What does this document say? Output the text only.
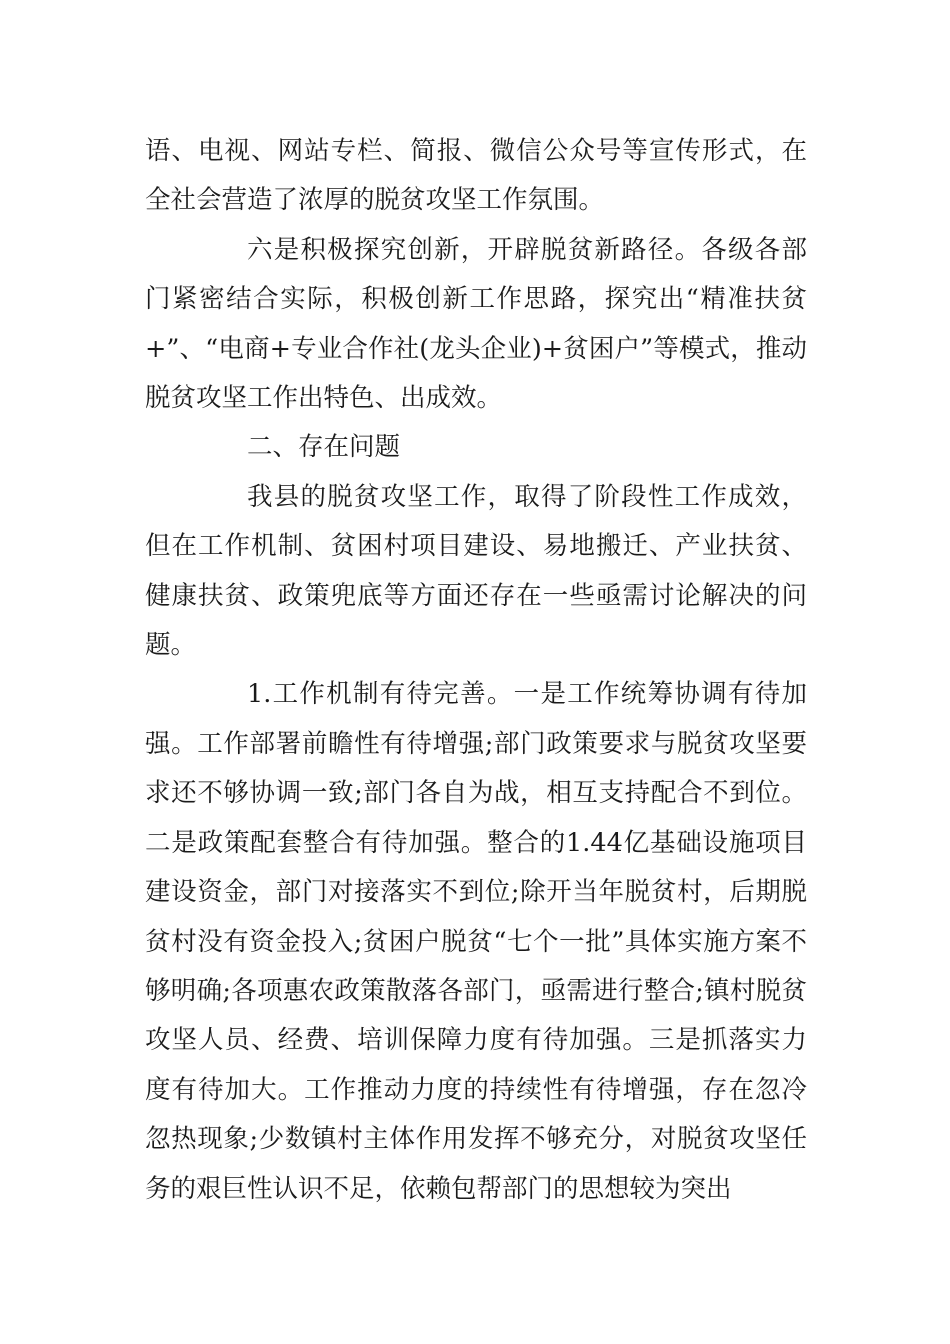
语、电视、网站专栏、简报、微信公众号等宣传形式，在全社会营造了浓厚的脱贫攻坚工作氛围。

六是积极探究创新，开辟脱贫新路径。各级各部门紧密结合实际，积极创新工作思路，探究出“精准扶贫+”、“电商+专业合作社(龙头企业)+贫困户”等模式，推动脱贫攻坚工作出特色、出成效。

二、存在问题

我县的脱贫攻坚工作，取得了阶段性工作成效，但在工作机制、贫困村项目建设、易地搬迁、产业扶贫、健康扶贫、政策兜底等方面还存在一些亟需讨论解决的问题。

1.工作机制有待完善。一是工作统筹协调有待加强。工作部署前瞻性有待增强;部门政策要求与脱贫攻坚要求还不够协调一致;部门各自为战，相互支持配合不到位。二是政策配套整合有待加强。整合的1.44亿基础设施项目建设资金，部门对接落实不到位;除开当年脱贫村，后期脱贫村没有资金投入;贫困户脱贫“七个一批”具体实施方案不够明确;各项惠农政策散落各部门，亟需进行整合;镇村脱贫攻坚人员、经费、培训保障力度有待加强。三是抓落实力度有待加大。工作推动力度的持续性有待增强，存在忽冷忽热现象;少数镇村主体作用发挥不够充分，对脱贫攻坚任务的艰巨性认识不足，依赖包帮部门的思想较为突出
